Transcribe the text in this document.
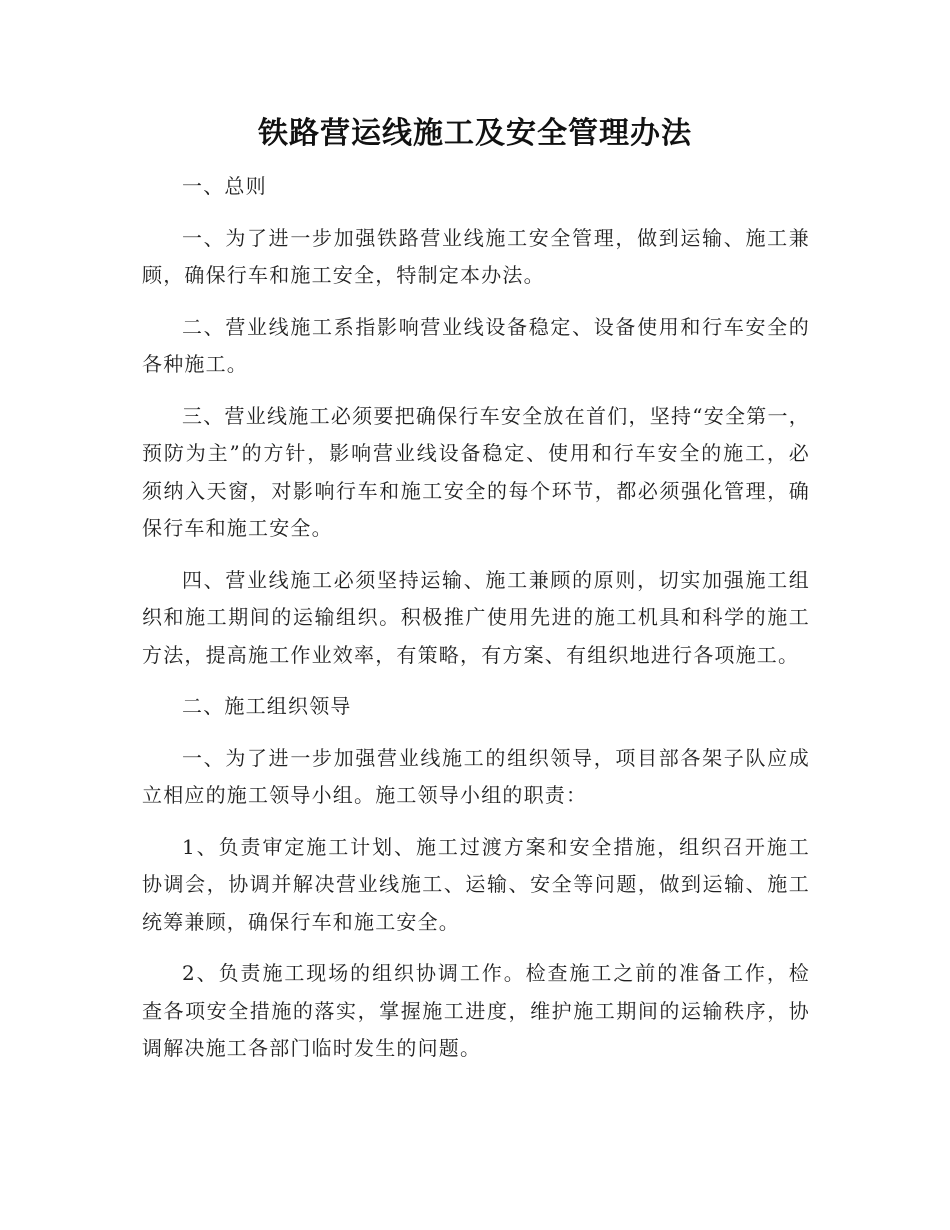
铁路营运线施工及安全管理办法

一、总则

一、为了进一步加强铁路营业线施工安全管理，做到运输、施工兼顾，确保行车和施工安全，特制定本办法。

二、营业线施工系指影响营业线设备稳定、设备使用和行车安全的各种施工。

三、营业线施工必须要把确保行车安全放在首们，坚持“安全第一，预防为主”的方针，影响营业线设备稳定、使用和行车安全的施工，必须纳入天窗，对影响行车和施工安全的每个环节，都必须强化管理，确保行车和施工安全。

四、营业线施工必须坚持运输、施工兼顾的原则，切实加强施工组织和施工期间的运输组织。积极推广使用先进的施工机具和科学的施工方法，提高施工作业效率，有策略，有方案、有组织地进行各项施工。

二、施工组织领导

一、为了进一步加强营业线施工的组织领导，项目部各架子队应成立相应的施工领导小组。施工领导小组的职责：

1、负责审定施工计划、施工过渡方案和安全措施，组织召开施工协调会，协调并解决营业线施工、运输、安全等问题，做到运输、施工统筹兼顾，确保行车和施工安全。

2、负责施工现场的组织协调工作。检查施工之前的准备工作，检查各项安全措施的落实，掌握施工进度，维护施工期间的运输秩序，协调解决施工各部门临时发生的问题。
